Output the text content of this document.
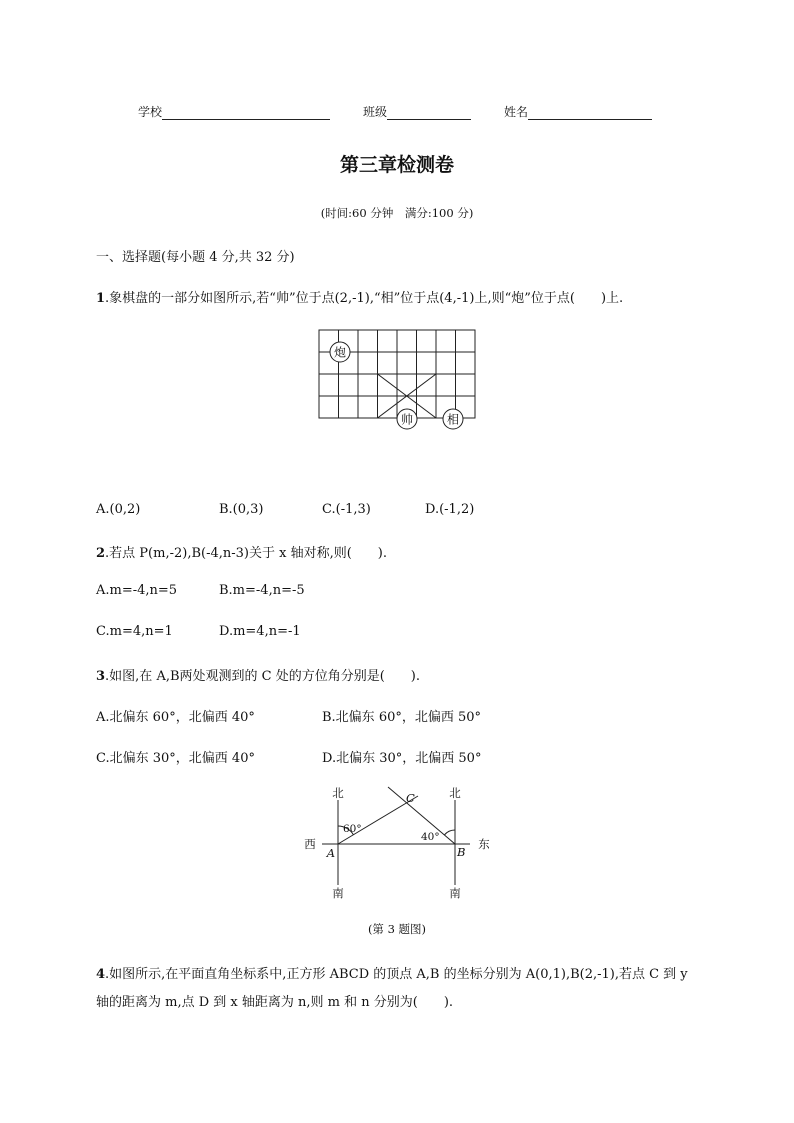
学校	班级	姓名
第三章检测卷
(时间:60 分钟　满分:100 分)
一、选择题(每小题 4 分,共 32 分)
1.象棋盘的一部分如图所示,若“帅”位于点(2,-1),“相”位于点(4,-1)上,则“炮”位于点(　　)上.
炮
帅	相
A.(0,2)	B.(0,3)	C.(-1,3)	D.(-1,2)
2.若点 P(m,-2),B(-4,n-3)关于 x 轴对称,则(　　).
A.m=-4,n=5	B.m=-4,n=-5
C.m=4,n=1	D.m=4,n=-1
3.如图,在 A,B两处观测到的 C 处的方位角分别是(　　).
A.北偏东 60°，北偏西 40°	B.北偏东 60°，北偏西 50°
C.北偏东 30°，北偏西 40°	D.北偏东 30°，北偏西 50°
北	北
南	南
西	东
A	B
C
60°
40°
(第 3 题图)
4.如图所示,在平面直角坐标系中,正方形 ABCD 的顶点 A,B 的坐标分别为 A(0,1),B(2,-1),若点 C 到 y
轴的距离为 m,点 D 到 x 轴距离为 n,则 m 和 n 分别为(　　).
